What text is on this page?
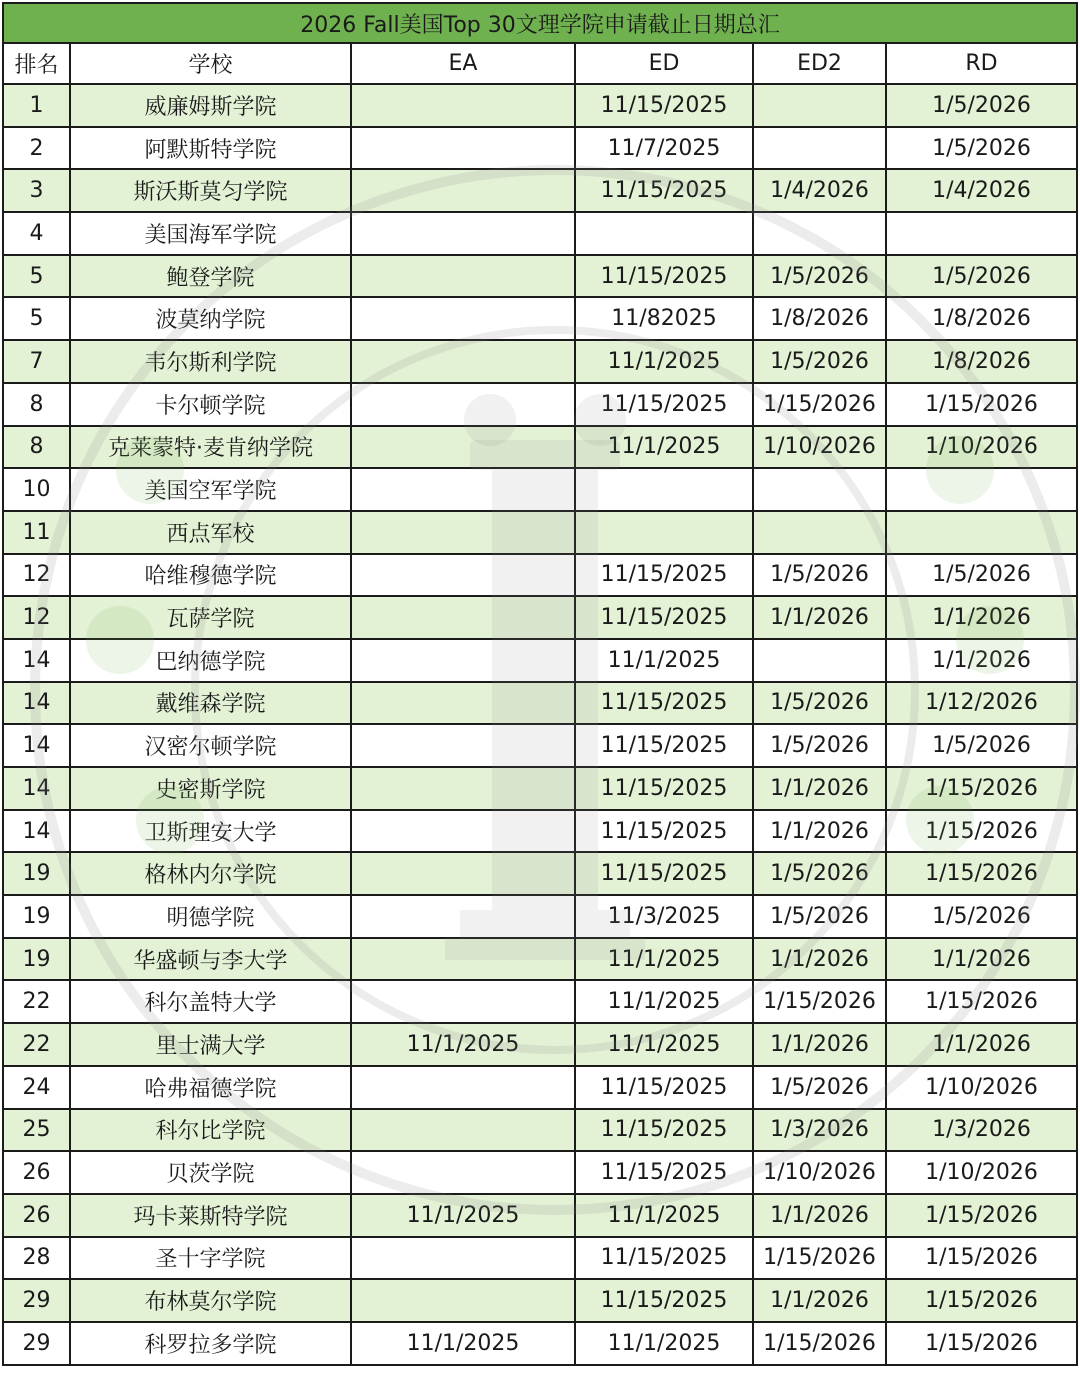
2026 Fall美国Top 30文理学院申请截止日期总汇					
排名	学校	EA	ED	ED2	RD
1	威廉姆斯学院		11/15/2025		1/5/2026
2	阿默斯特学院		11/7/2025		1/5/2026
3	斯沃斯莫匀学院		11/15/2025	1/4/2026	1/4/2026
4	美国海军学院				
5	鲍登学院		11/15/2025	1/5/2026	1/5/2026
5	波莫纳学院		11/82025	1/8/2026	1/8/2026
7	韦尔斯利学院		11/1/2025	1/5/2026	1/8/2026
8	卡尔顿学院		11/15/2025	1/15/2026	1/15/2026
8	克莱蒙特·麦肯纳学院		11/1/2025	1/10/2026	1/10/2026
10	美国空军学院				
11	西点军校				
12	哈维穆德学院		11/15/2025	1/5/2026	1/5/2026
12	瓦萨学院		11/15/2025	1/1/2026	1/1/2026
14	巴纳德学院		11/1/2025		1/1/2026
14	戴维森学院		11/15/2025	1/5/2026	1/12/2026
14	汉密尔顿学院		11/15/2025	1/5/2026	1/5/2026
14	史密斯学院		11/15/2025	1/1/2026	1/15/2026
14	卫斯理安大学		11/15/2025	1/1/2026	1/15/2026
19	格林内尔学院		11/15/2025	1/5/2026	1/15/2026
19	明德学院		11/3/2025	1/5/2026	1/5/2026
19	华盛顿与李大学		11/1/2025	1/1/2026	1/1/2026
22	科尔盖特大学		11/1/2025	1/15/2026	1/15/2026
22	里士满大学	11/1/2025	11/1/2025	1/1/2026	1/1/2026
24	哈弗福德学院		11/15/2025	1/5/2026	1/10/2026
25	科尔比学院		11/15/2025	1/3/2026	1/3/2026
26	贝茨学院		11/15/2025	1/10/2026	1/10/2026
26	玛卡莱斯特学院	11/1/2025	11/1/2025	1/1/2026	1/15/2026
28	圣十字学院		11/15/2025	1/15/2026	1/15/2026
29	布林莫尔学院		11/15/2025	1/1/2026	1/15/2026
29	科罗拉多学院	11/1/2025	11/1/2025	1/15/2026	1/15/2026
